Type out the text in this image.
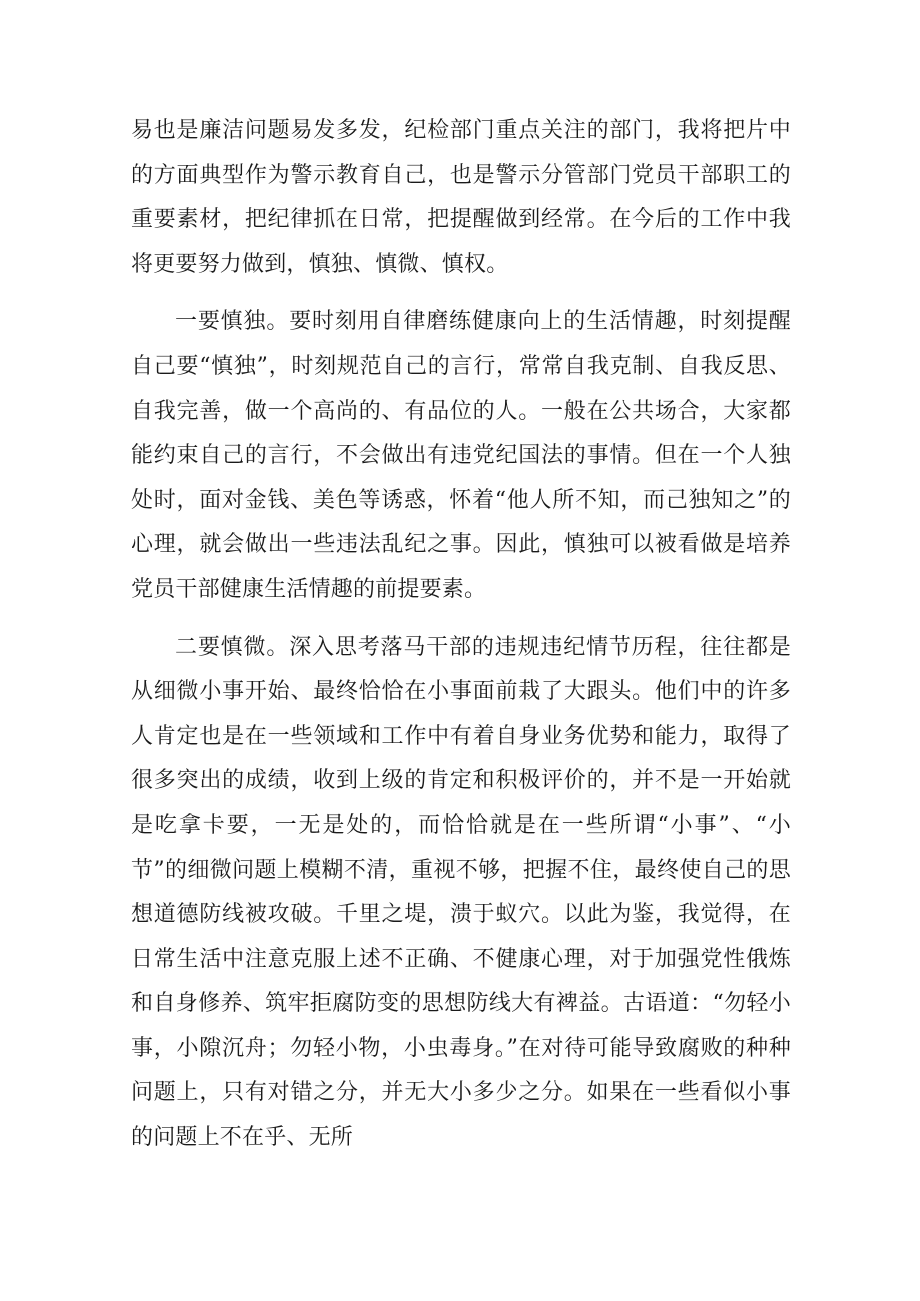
易也是廉洁问题易发多发，纪检部门重点关注的部门，我将把片中的方面典型作为警示教育自己，也是警示分管部门党员干部职工的重要素材，把纪律抓在日常，把提醒做到经常。在今后的工作中我将更要努力做到，慎独、慎微、慎权。

一要慎独。要时刻用自律磨练健康向上的生活情趣，时刻提醒自己要“慎独”，时刻规范自己的言行，常常自我克制、自我反思、自我完善，做一个高尚的、有品位的人。一般在公共场合，大家都能约束自己的言行，不会做出有违党纪国法的事情。但在一个人独处时，面对金钱、美色等诱惑，怀着“他人所不知，而己独知之”的心理，就会做出一些违法乱纪之事。因此，慎独可以被看做是培养党员干部健康生活情趣的前提要素。

二要慎微。深入思考落马干部的违规违纪情节历程，往往都是从细微小事开始、最终恰恰在小事面前栽了大跟头。他们中的许多人肯定也是在一些领域和工作中有着自身业务优势和能力，取得了很多突出的成绩，收到上级的肯定和积极评价的，并不是一开始就是吃拿卡要，一无是处的，而恰恰就是在一些所谓“小事”、“小节”的细微问题上模糊不清，重视不够，把握不住，最终使自己的思想道德防线被攻破。千里之堤，溃于蚁穴。以此为鉴，我觉得，在日常生活中注意克服上述不正确、不健康心理，对于加强党性俄炼和自身修养、筑牢拒腐防变的思想防线大有裨益。古语道：“勿轻小事，小隙沉舟；勿轻小物，小虫毒身。”在对待可能导致腐败的种种问题上，只有对错之分，并无大小多少之分。如果在一些看似小事的问题上不在乎、无所
